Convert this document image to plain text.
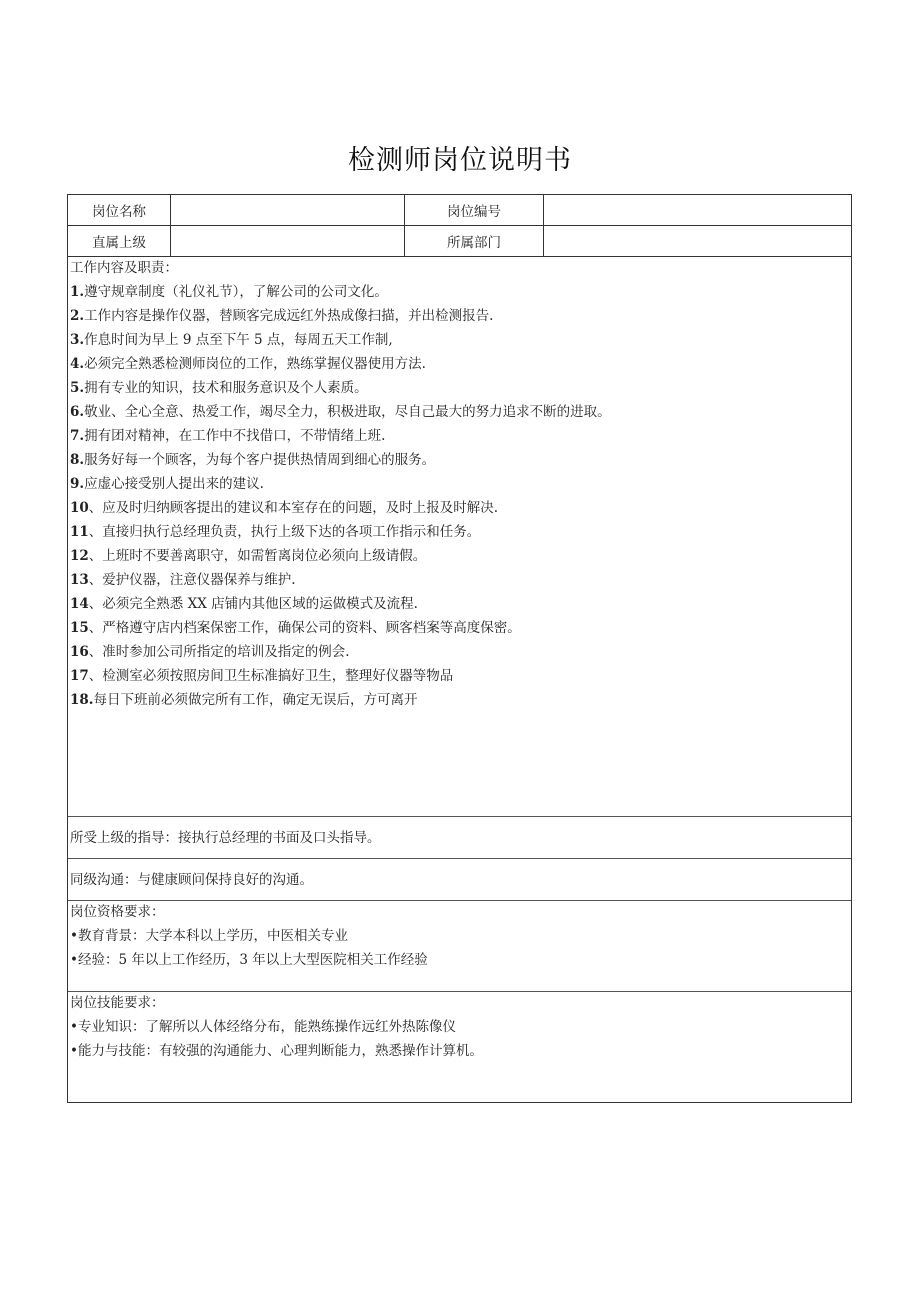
检测师岗位说明书
岗位名称	岗位编号
直属上级	所属部门
工作内容及职责：
1.遵守规章制度（礼仪礼节），了解公司的公司文化。
2.工作内容是操作仪器，替顾客完成远红外热成像扫描，并出检测报告.
3.作息时间为早上 9 点至下午 5 点，每周五天工作制,
4.必须完全熟悉检测师岗位的工作，熟练掌握仪器使用方法.
5.拥有专业的知识，技术和服务意识及个人素质。
6.敬业、全心全意、热爱工作，竭尽全力，积极进取，尽自己最大的努力追求不断的进取。
7.拥有团对精神，在工作中不找借口，不带情绪上班.
8.服务好每一个顾客，为每个客户提供热情周到细心的服务。
9.应虚心接受别人提出来的建议.
10、应及时归纳顾客提出的建议和本室存在的问题，及时上报及时解决.
11、直接归执行总经理负责，执行上级下达的各项工作指示和任务。
12、上班时不要善离职守，如需暂离岗位必须向上级请假。
13、爱护仪器，注意仪器保养与维护.
14、必须完全熟悉 XX 店铺内其他区域的运做模式及流程.
15、严格遵守店内档案保密工作，确保公司的资料、顾客档案等高度保密。
16、准时参加公司所指定的培训及指定的例会.
17、检测室必须按照房间卫生标准搞好卫生，整理好仪器等物品
18.每日下班前必须做完所有工作，确定无误后，方可离开
所受上级的指导：接执行总经理的书面及口头指导。
同级沟通：与健康顾问保持良好的沟通。
岗位资格要求：
•教育背景：大学本科以上学历，中医相关专业
•经验：5 年以上工作经历，3 年以上大型医院相关工作经验
岗位技能要求：
•专业知识：了解所以人体经络分布，能熟练操作远红外热陈像仪
•能力与技能：有较强的沟通能力、心理判断能力，熟悉操作计算机。
